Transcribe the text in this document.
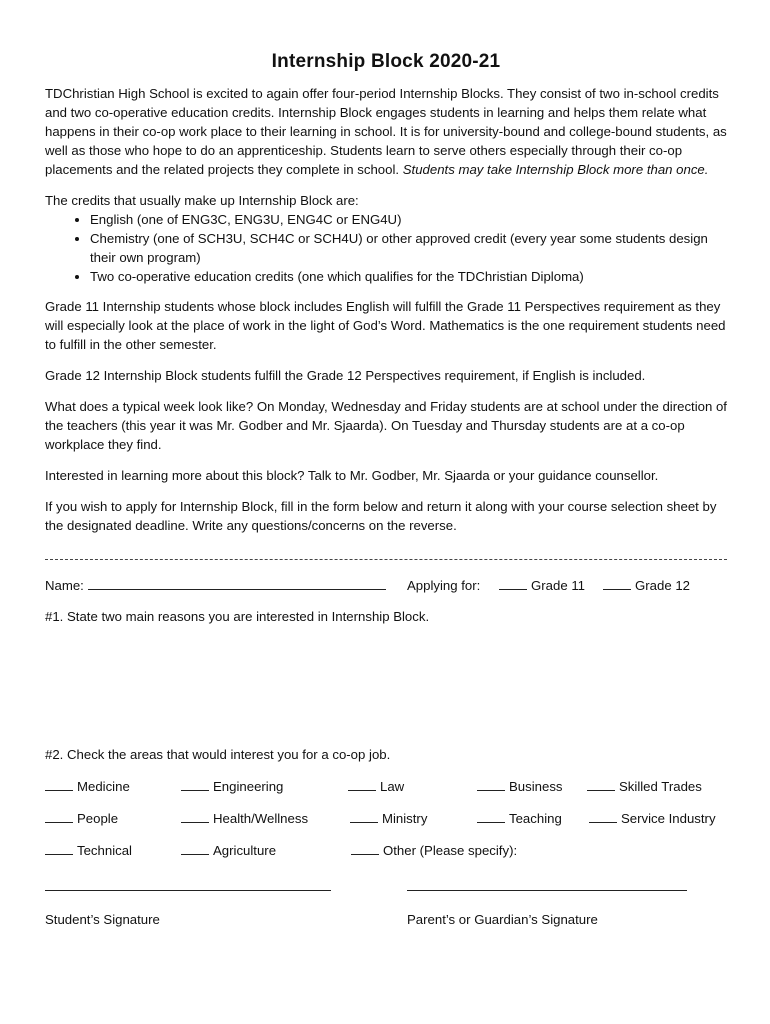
Internship Block 2020-21

TDChristian High School is excited to again offer four-period Internship Blocks. They consist of two in-school credits and two co-operative education credits. Internship Block engages students in learning and helps them relate what happens in their co-op work place to their learning in school. It is for university-bound and college-bound students, as well as those who hope to do an apprenticeship. Students learn to serve others especially through their co-op placements and the related projects they complete in school. Students may take Internship Block more than once.

The credits that usually make up Internship Block are:

• English (one of ENG3C, ENG3U, ENG4C or ENG4U)
• Chemistry (one of SCH3U, SCH4C or SCH4U) or other approved credit (every year some students design their own program)
• Two co-operative education credits (one which qualifies for the TDChristian Diploma)

Grade 11 Internship students whose block includes English will fulfill the Grade 11 Perspectives requirement as they will especially look at the place of work in the light of God’s Word. Mathematics is the one requirement students need to fulfill in the other semester.

Grade 12 Internship Block students fulfill the Grade 12 Perspectives requirement, if English is included.

What does a typical week look like? On Monday, Wednesday and Friday students are at school under the direction of the teachers (this year it was Mr. Godber and Mr. Sjaarda). On Tuesday and Thursday students are at a co-op workplace they find.

Interested in learning more about this block? Talk to Mr. Godber, Mr. Sjaarda or your guidance counsellor.

If you wish to apply for Internship Block, fill in the form below and return it along with your course selection sheet by the designated deadline. Write any questions/concerns on the reverse.

Name:	Applying for:	Grade 11	Grade 12

#1. State two main reasons you are interested in Internship Block.

#2. Check the areas that would interest you for a co-op job.

Medicine	Engineering	Law	Business	Skilled Trades
People	Health/Wellness	Ministry	Teaching	Service Industry
Technical	Agriculture	Other (Please specify):
Student’s Signature	Parent’s or Guardian’s Signature
